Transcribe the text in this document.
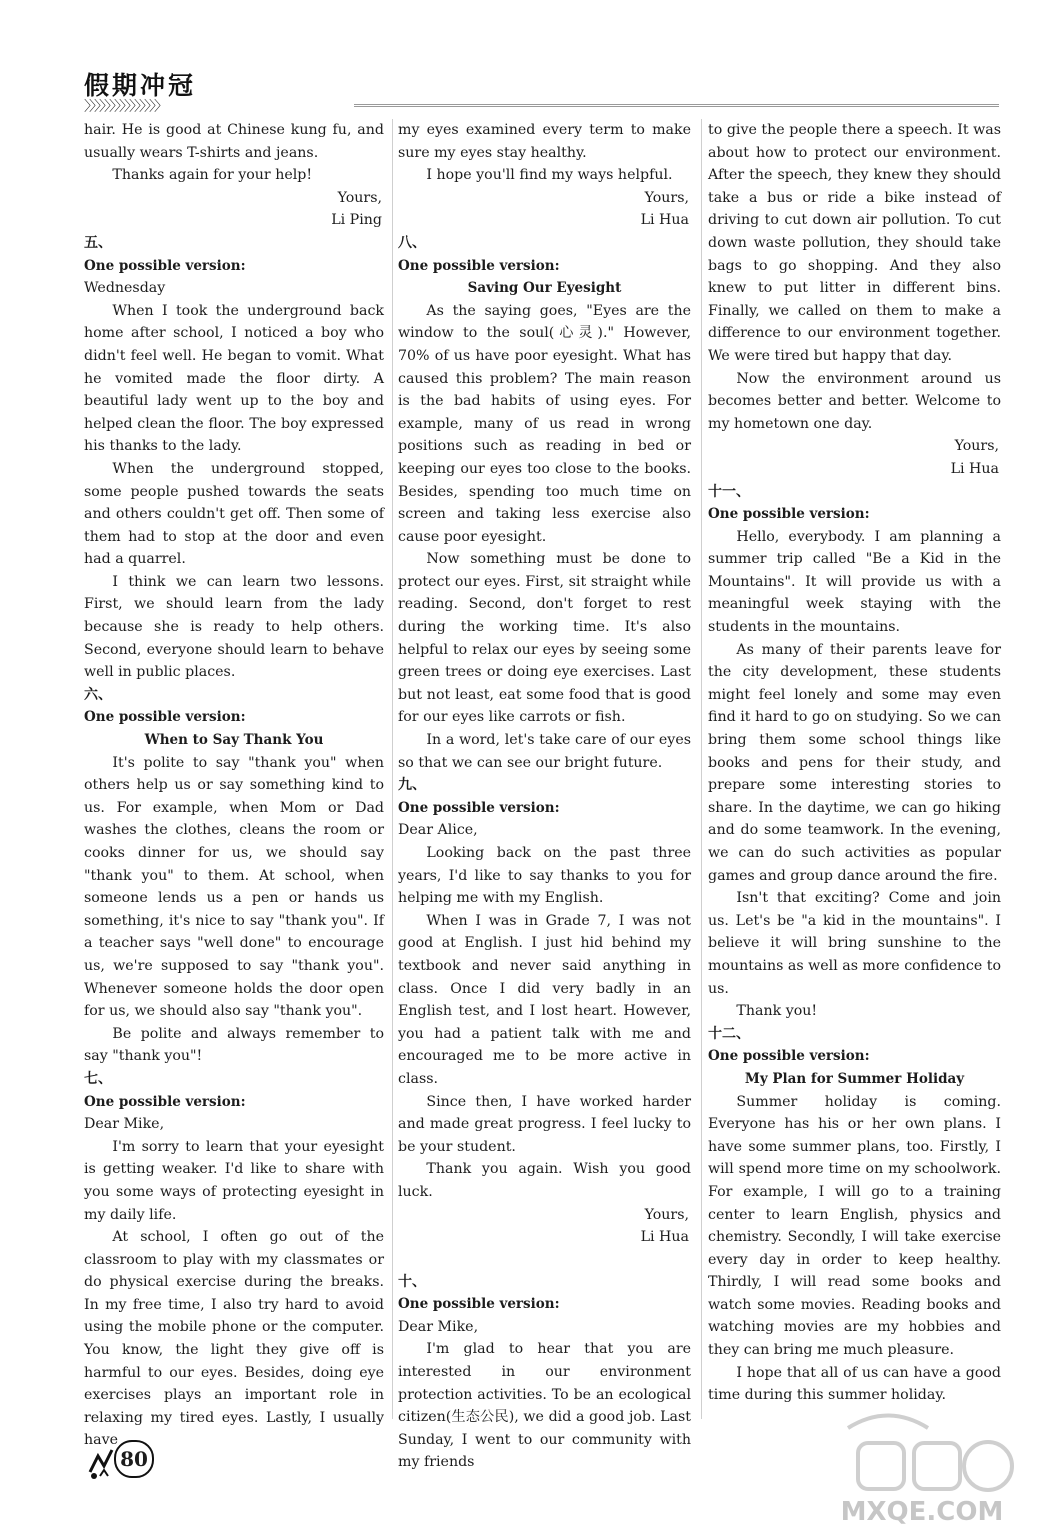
假期冲冠
〉〉〉〉〉〉〉〉〉〉〉〉〉〉〉

hair. He is good at Chinese kung fu, and usually wears T-shirts and jeans.

Thanks again for your help!

Yours,
Li Ping
五、
One possible version:

Wednesday

When I took the underground back home after school, I noticed a boy who didn't feel well. He began to vomit. What he vomited made the floor dirty. A beautiful lady went up to the boy and helped clean the floor. The boy expressed his thanks to the lady.

When the underground stopped, some people pushed towards the seats and others couldn't get off. Then some of them had to stop at the door and even had a quarrel.

I think we can learn two lessons. First, we should learn from the lady because she is ready to help others. Second, everyone should learn to behave well in public places.

六、
One possible version:
When to Say Thank You

It's polite to say "thank you" when others help us or say something kind to us. For example, when Mom or Dad washes the clothes, cleans the room or cooks dinner for us, we should say "thank you" to them. At school, when someone lends us a pen or hands us something, it's nice to say "thank you". If a teacher says "well done" to encourage us, we're supposed to say "thank you". Whenever someone holds the door open for us, we should also say "thank you".

Be polite and always remember to say "thank you"!

七、
One possible version:

Dear Mike,

I'm sorry to learn that your eyesight is getting weaker. I'd like to share with you some ways of protecting eyesight in my daily life.

At school, I often go out of the classroom to play with my classmates or do physical exercise during the breaks. In my free time, I also try hard to avoid using the mobile phone or the computer. You know, the light they give off is harmful to our eyes. Besides, doing eye exercises plays an important role in relaxing my tired eyes. Lastly, I usually have

my eyes examined every term to make sure my eyes stay healthy.

I hope you'll find my ways helpful.

Yours,
Li Hua
八、
One possible version:
Saving Our Eyesight

As the saying goes, "Eyes are the window to the soul(心灵)." However, 70% of us have poor eyesight. What has caused this problem? The main reason is the bad habits of using eyes. For example, many of us read in wrong positions such as reading in bed or keeping our eyes too close to the books. Besides, spending too much time on screen and taking less exercise also cause poor eyesight.

Now something must be done to protect our eyes. First, sit straight while reading. Second, don't forget to rest during the working time. It's also helpful to relax our eyes by seeing some green trees or doing eye exercises. Last but not least, eat some food that is good for our eyes like carrots or fish.

In a word, let's take care of our eyes so that we can see our bright future.

九、
One possible version:

Dear Alice,

Looking back on the past three years, I'd like to say thanks to you for helping me with my English.

When I was in Grade 7, I was not good at English. I just hid behind my textbook and never said anything in class. Once I did very badly in an English test, and I lost heart. However, you had a patient talk with me and encouraged me to be more active in class.

Since then, I have worked harder and made great progress. I feel lucky to be your student.

Thank you again. Wish you good luck.

Yours,
Li Hua
十、
One possible version:

Dear Mike,

I'm glad to hear that you are interested in our environment protection activities. To be an ecological citizen(生态公民), we did a good job. Last Sunday, I went to our community with my friends

to give the people there a speech. It was about how to protect our environment. After the speech, they knew they should take a bus or ride a bike instead of driving to cut down air pollution. To cut down waste pollution, they should take bags to go shopping. And they also knew to put litter in different bins. Finally, we called on them to make a difference to our environment together. We were tired but happy that day.

Now the environment around us becomes better and better. Welcome to my hometown one day.

Yours,
Li Hua
十一、
One possible version:

Hello, everybody. I am planning a summer trip called "Be a Kid in the Mountains". It will provide us with a meaningful week staying with the students in the mountains.

As many of their parents leave for the city development, these students might feel lonely and some may even find it hard to go on studying. So we can bring them some school things like books and pens for their study, and prepare some interesting stories to share. In the daytime, we can go hiking and do some teamwork. In the evening, we can do such activities as popular games and group dance around the fire.

Isn't that exciting? Come and join us. Let's be "a kid in the mountains". I believe it will bring sunshine to the mountains as well as more confidence to us.

Thank you!

十二、
One possible version:
My Plan for Summer Holiday

Summer holiday is coming. Everyone has his or her own plans. I have some summer plans, too. Firstly, I will spend more time on my schoolwork. For example, I will go to a training center to learn English, physics and chemistry. Secondly, I will take exercise every day in order to keep healthy. Thirdly, I will read some books and watch some movies. Reading books and watching movies are my hobbies and they can bring me much pleasure.

I hope that all of us can have a good time during this summer holiday.

80
MXQE.COM
